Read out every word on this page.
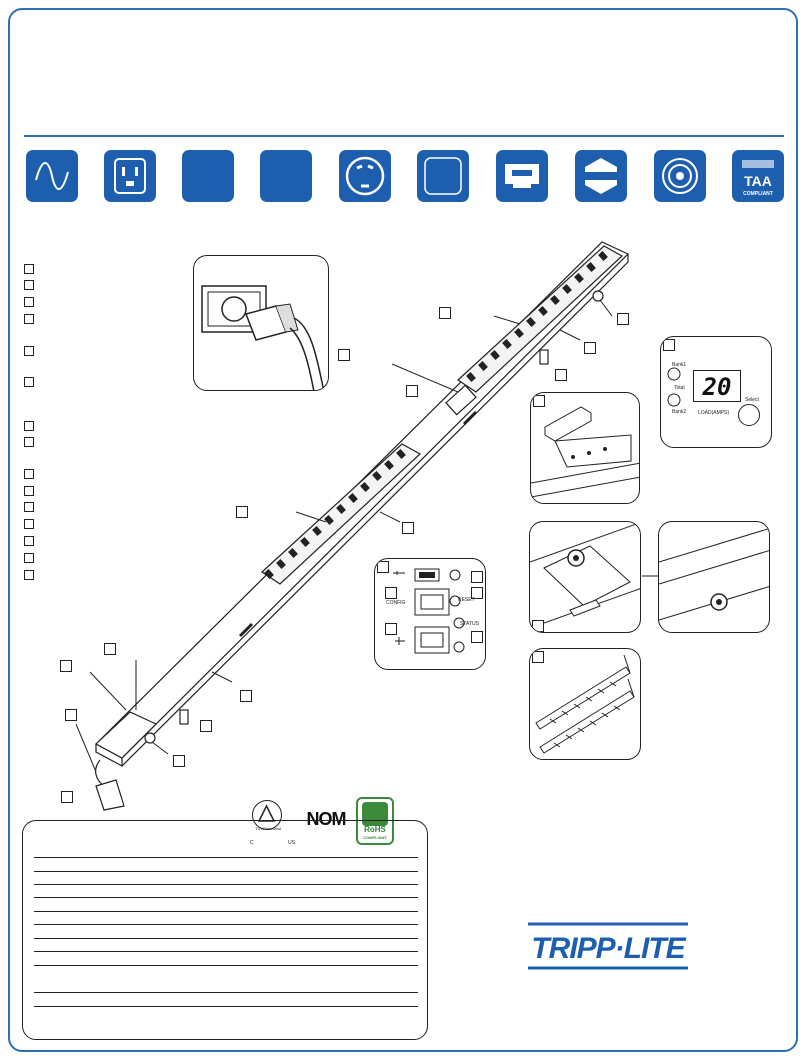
TAA
COMPLIANT
Bank1
Total
Bank2
20
LOAD(AMPS)
Select
CONFIG	RESET
STATUS
TÜVRheinland
C	US
NOM
RoHS
COMPLIANT
TRIPP·LITE
